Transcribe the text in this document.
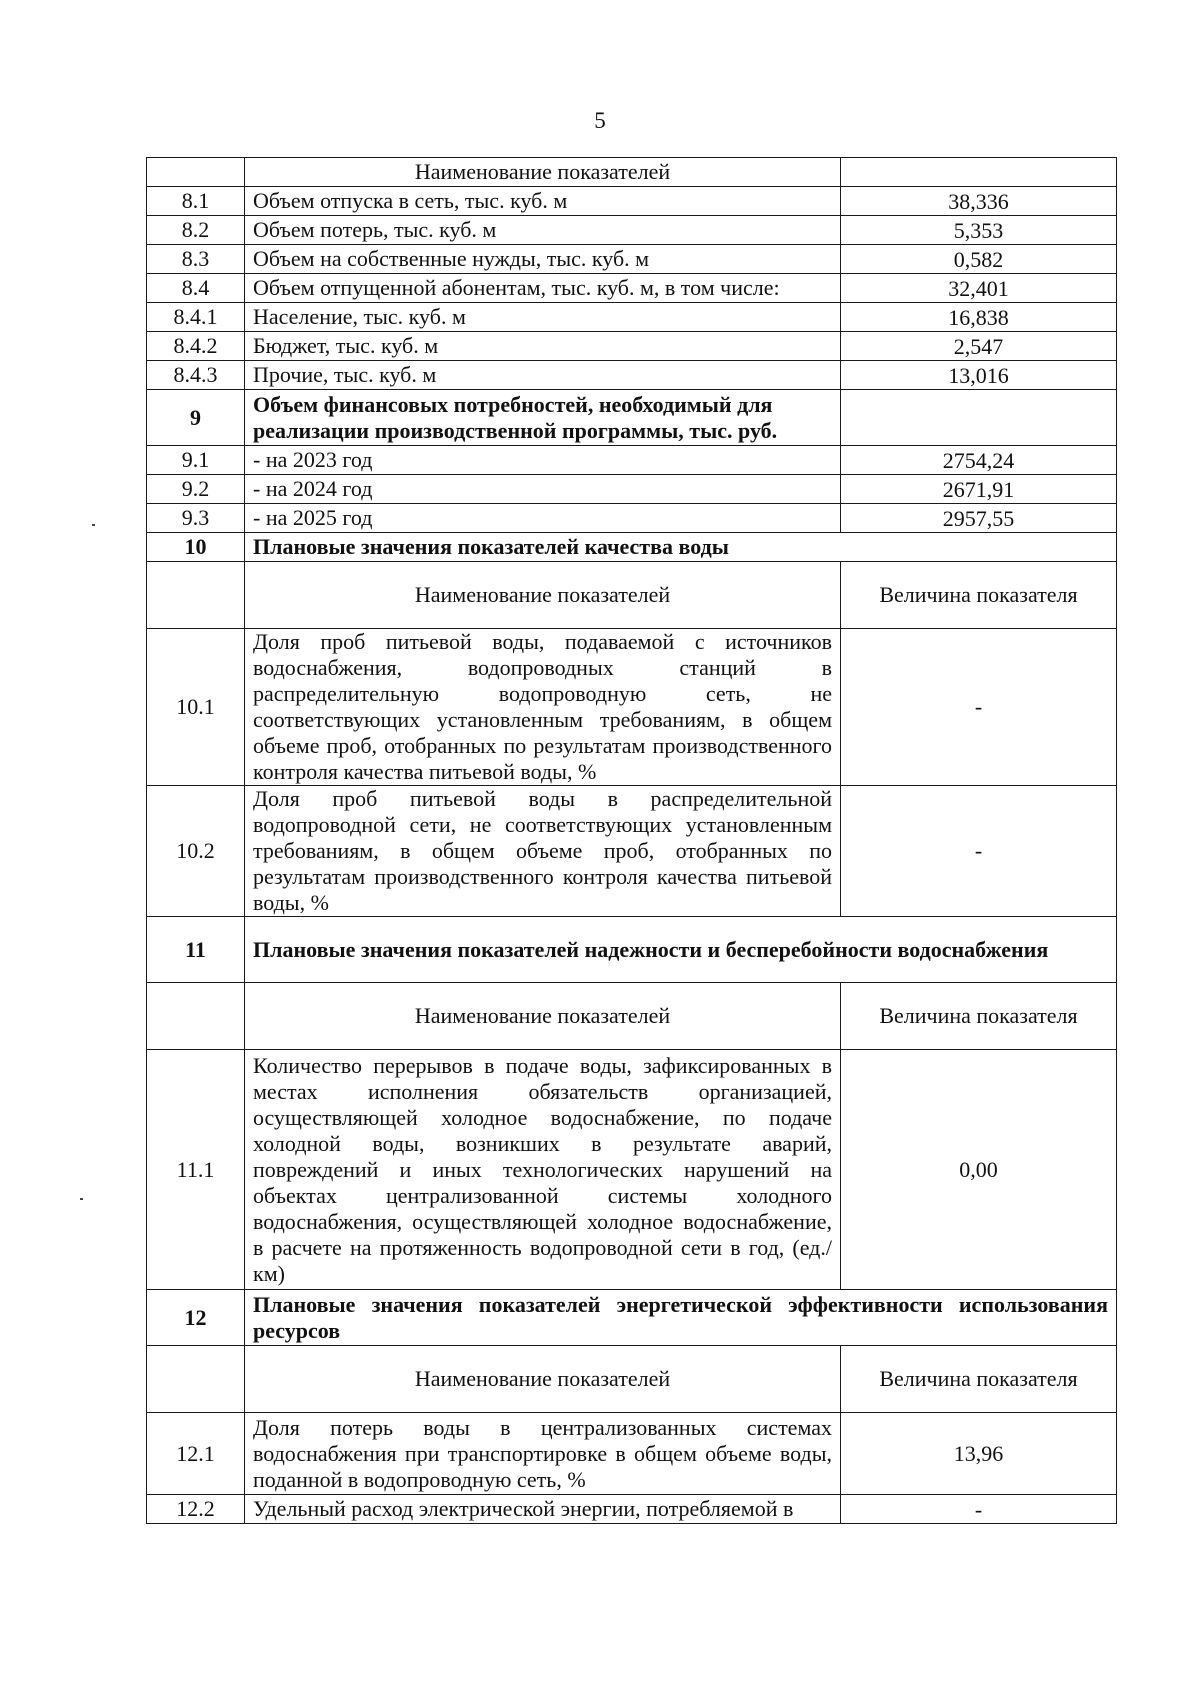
5
	Наименование показателей	
8.1	Объем отпуска в сеть, тыс. куб. м	38,336
8.2	Объем потерь, тыс. куб. м	5,353
8.3	Объем на собственные нужды, тыс. куб. м	0,582
8.4	Объем отпущенной абонентам, тыс. куб. м, в том числе:	32,401
8.4.1	Население, тыс. куб. м	16,838
8.4.2	Бюджет, тыс. куб. м	2,547
8.4.3	Прочие, тыс. куб. м	13,016
9	Объем финансовых потребностей, необходимый для реализации производственной программы, тыс. руб.	
9.1	- на 2023 год	2754,24
9.2	- на 2024 год	2671,91
9.3	- на 2025 год	2957,55
10	Плановые значения показателей качества воды	
	Наименование показателей	Величина показателя
10.1	Доля проб питьевой воды, подаваемой с источников водоснабжения, водопроводных станций в распределительную водопроводную сеть, не соответствующих установленным требованиям, в общем объеме проб, отобранных по результатам производственного контроля качества питьевой воды, %	-
10.2	Доля проб питьевой воды в распределительной водопроводной сети, не соответствующих установленным требованиям, в общем объеме проб, отобранных по результатам производственного контроля качества питьевой воды, %	-
11	Плановые значения показателей надежности и бесперебойности водоснабжения	
	Наименование показателей	Величина показателя
11.1	Количество перерывов в подаче воды, зафиксированных в местах исполнения обязательств организацией, осуществляющей холодное водоснабжение, по подаче холодной воды, возникших в результате аварий, повреждений и иных технологических нарушений на объектах централизованной системы холодного водоснабжения, осуществляющей холодное водоснабжение, в расчете на протяженность водопроводной сети в год, (ед./км)	0,00
12	Плановые значения показателей энергетической эффективности использования ресурсов	
	Наименование показателей	Величина показателя
12.1	Доля потерь воды в централизованных системах водоснабжения при транспортировке в общем объеме воды, поданной в водопроводную сеть, %	13,96
12.2	Удельный расход электрической энергии, потребляемой в	-
